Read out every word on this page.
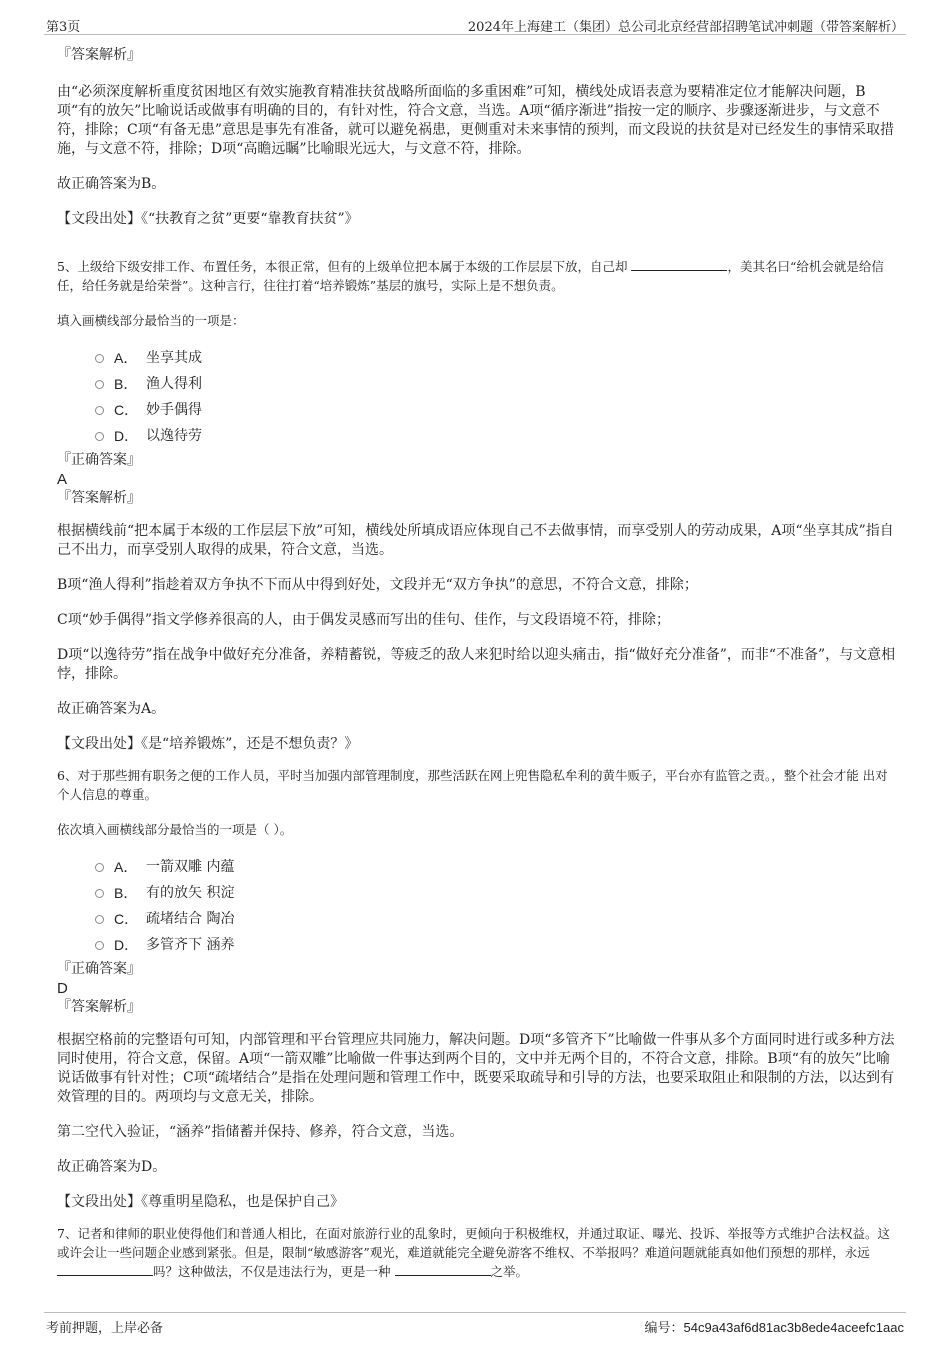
第3页	2024年上海建工（集团）总公司北京经营部招聘笔试冲刺题（带答案解析）

『答案解析』

由“必须深度解析重度贫困地区有效实施教育精准扶贫战略所面临的多重困难”可知，横线处成语表意为要精准定位才能解决问题，B项“有的放矢”比喻说话或做事有明确的目的，有针对性，符合文意，当选。A项“循序渐进”指按一定的顺序、步骤逐渐进步，与文意不符，排除；C项“有备无患”意思是事先有准备，就可以避免祸患，更侧重对未来事情的预判，而文段说的扶贫是对已经发生的事情采取措施，与文意不符，排除；D项“高瞻远瞩”比喻眼光远大，与文意不符，排除。

故正确答案为B。

【文段出处】《“扶教育之贫”更要“靠教育扶贫”》

5、上级给下级安排工作、布置任务，本很正常，但有的上级单位把本属于本级的工作层层下放，自己却	，美其名曰“给机会就是给信任，给任务就是给荣誉”。这种言行，往往打着“培养锻炼”基层的旗号，实际上是不想负责。

填入画横线部分最恰当的一项是：

A． 坐享其成
B． 渔人得利
C． 妙手偶得
D． 以逸待劳

『正确答案』

A

『答案解析』

根据横线前“把本属于本级的工作层层下放”可知，横线处所填成语应体现自己不去做事情，而享受别人的劳动成果，A项“坐享其成”指自己不出力，而享受别人取得的成果，符合文意，当选。

B项“渔人得利”指趁着双方争执不下而从中得到好处，文段并无“双方争执”的意思，不符合文意，排除；

C项“妙手偶得”指文学修养很高的人，由于偶发灵感而写出的佳句、佳作，与文段语境不符，排除；

D项“以逸待劳”指在战争中做好充分准备，养精蓄锐，等疲乏的敌人来犯时给以迎头痛击，指“做好充分准备”，而非“不准备”，与文意相悖，排除。

故正确答案为A。

【文段出处】《是“培养锻炼”，还是不想负责？》

6、对于那些拥有职务之便的工作人员，平时当加强内部管理制度，那些活跃在网上兜售隐私牟利的黄牛贩子，平台亦有监管之责。，整个社会才能 出对个人信息的尊重。

依次填入画横线部分最恰当的一项是（ ）。

A． 一箭双雕 内蕴
B． 有的放矢 积淀
C． 疏堵结合 陶冶
D． 多管齐下 涵养

『正确答案』

D

『答案解析』

根据空格前的完整语句可知，内部管理和平台管理应共同施力，解决问题。D项“多管齐下”比喻做一件事从多个方面同时进行或多种方法同时使用，符合文意，保留。A项“一箭双雕”比喻做一件事达到两个目的，文中并无两个目的，不符合文意，排除。B项“有的放矢”比喻说话做事有针对性；C项“疏堵结合”是指在处理问题和管理工作中，既要采取疏导和引导的方法，也要采取阻止和限制的方法，以达到有效管理的目的。两项均与文意无关，排除。

第二空代入验证，“涵养”指储蓄并保持、修养，符合文意，当选。

故正确答案为D。

【文段出处】《尊重明星隐私，也是保护自己》

7、记者和律师的职业使得他们和普通人相比，在面对旅游行业的乱象时，更倾向于积极维权，并通过取证、曝光、投诉、举报等方式维护合法权益。这或许会让一些问题企业感到紧张。但是，限制“敏感游客”观光，难道就能完全避免游客不维权、不举报吗？难道问题就能真如他们预想的那样，永远 吗？这种做法，不仅是违法行为，更是一种	之举。

考前押题，上岸必备	编号：54c9a43af6d81ac3b8ede4aceefc1aac
